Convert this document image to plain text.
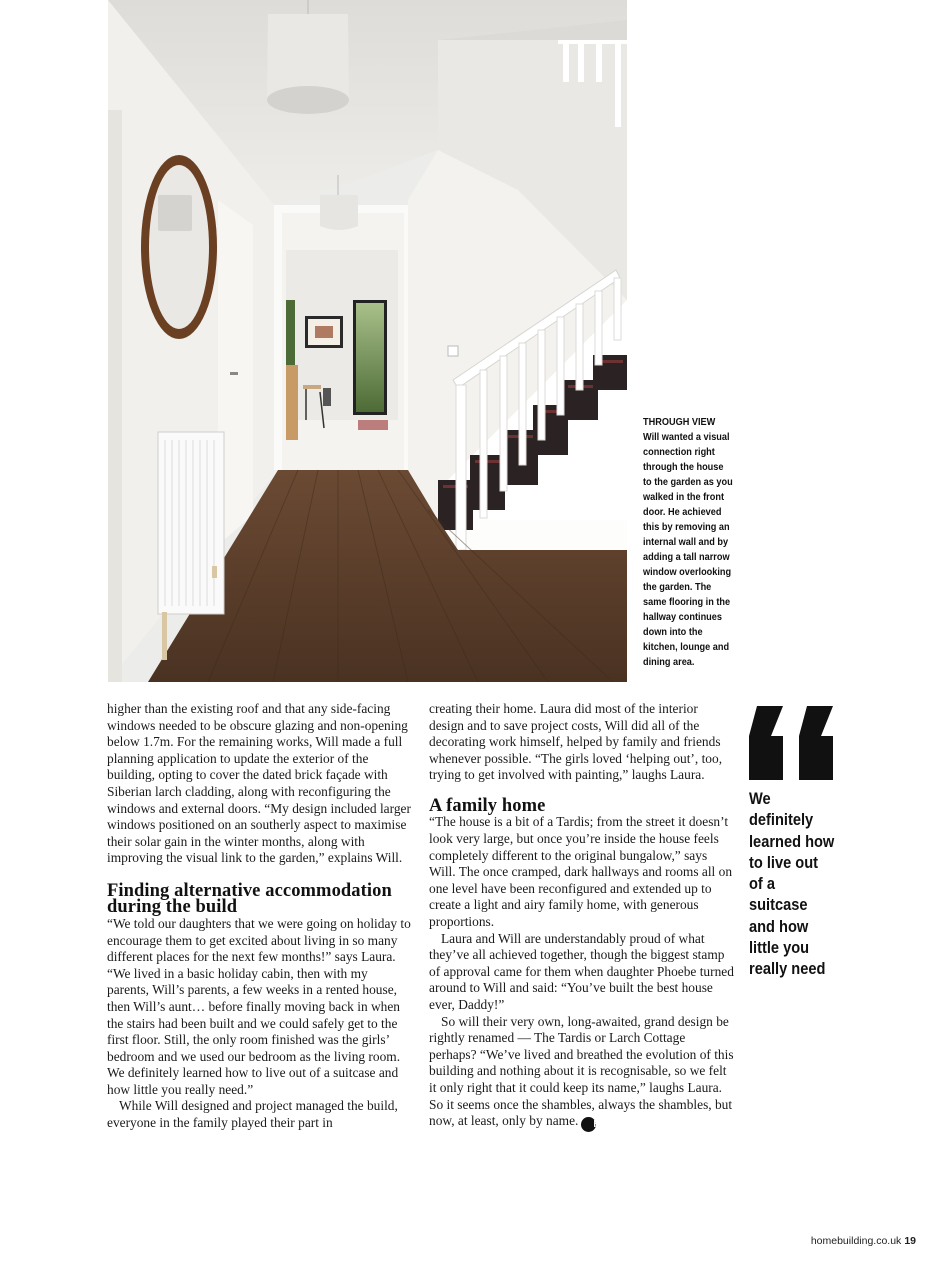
THROUGH VIEW
Will wanted a visual connection right through the house to the garden as you walked in the front door. He achieved this by removing an internal wall and by adding a tall narrow window overlooking the garden. The same flooring in the hallway continues down into the kitchen, lounge and dining area.

higher than the existing roof and that any side-facing windows needed to be obscure glazing and non-opening below 1.7m. For the remaining works, Will made a full planning application to update the exterior of the building, opting to cover the dated brick façade with Siberian larch cladding, along with reconfiguring the windows and external doors. “My design included larger windows positioned on an southerly aspect to maximise their solar gain in the winter months, along with improving the visual link to the garden,” explains Will.

Finding alternative accommodation during the build

“We told our daughters that we were going on holiday to encourage them to get excited about living in so many different places for the next few months!” says Laura. “We lived in a basic holiday cabin, then with my parents, Will’s parents, a few weeks in a rented house, then Will’s aunt… before finally moving back in when the stairs had been built and we could safely get to the first floor. Still, the only room finished was the girls’ bedroom and we used our bedroom as the living room. We definitely learned how to live out of a suitcase and how little you really need.”

While Will designed and project managed the build, everyone in the family played their part in

creating their home. Laura did most of the interior design and to save project costs, Will did all of the decorating work himself, helped by family and friends whenever possible. “The girls loved ‘helping out’, too, trying to get involved with painting,” laughs Laura.

A family home

“The house is a bit of a Tardis; from the street it doesn’t look very large, but once you’re inside the house feels completely different to the original bungalow,” says Will. The once cramped, dark hallways and rooms all on one level have been reconfigured and extended up to create a light and airy family home, with generous proportions.

Laura and Will are understandably proud of what they’ve all achieved together, though the biggest stamp of approval came for them when daughter Phoebe turned around to Will and said: “You’ve built the best house ever, Daddy!”

So will their very own, long-awaited, grand design be rightly renamed — The Tardis or Larch Cottage perhaps? “We’ve lived and breathed the evolution of this building and nothing about it is recognisable, so we felt it only right that it could keep its name,” laughs Laura. So it seems once the shambles, always the shambles, but now, at least, only by name. H

We definitely learned how to live out of a suitcase and how little you really need
homebuilding.co.uk 19
